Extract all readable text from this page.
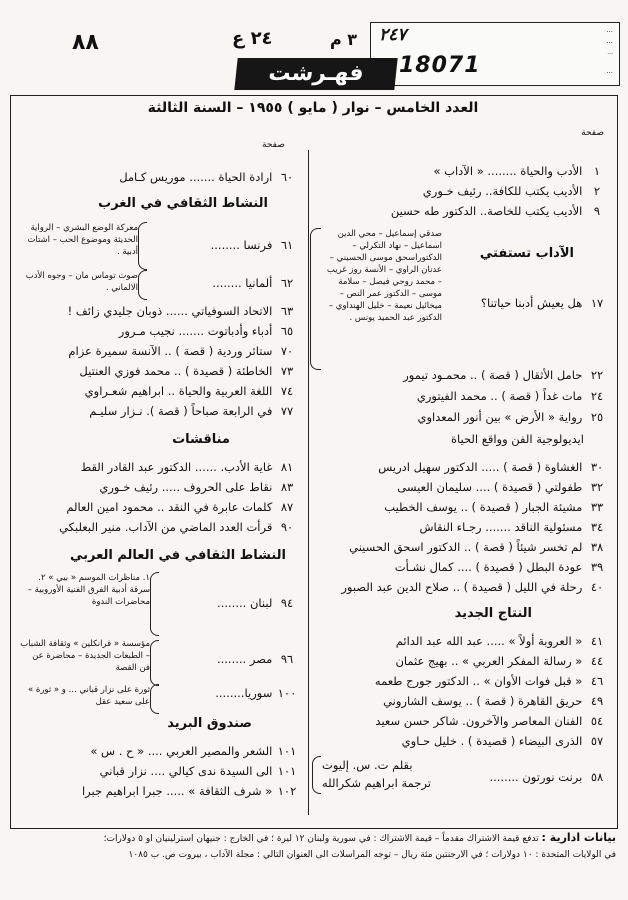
٨٨	٢٤ ع	٣ م	...
...
...
...
٢٤٧
18071
فهـرشت
العدد الخامس – نوار ( مايو ) ١٩٥٥ – السنة الثالثة
صفحة
١ الأدب والحياة ........ « الآداب »
٢ الأديب يكتب للكافة.. رئيف خـوري
٩ الأديب يكتب للخاصة.. الدكتور طه حسين
الآداب تستفتي
١٧ هل يعيش أدبنا حياتنا؟
صدقي إسماعيل – محي الدين اسماعيل – نهاد التكرلي – الدكتوراسحق موسى الحسيني – عدنان الراوي – الأنسة روز غريب – محمد روحي فيصل – سلامة موسى – الدكتور عمر النص – ميخائيل نعيمة – خليل الهنداوي – الدكتور عبد الحميد يونس .
٢٢ حامل الأثقال ( قصة ) .. محمـود تيمور
٢٤ مات غداً ( قصة ) .. محمد الفيتوري
٢٥ رواية « الأرض » بين أنور المعداوي
ايديولوجية الفن وواقع الحياة
٣٠ الغشاوة ( قصة ) ..... الدكتور سهيل ادريس
٣٢ طفولتي ( قصيدة ) .... سليمان العيسى
٣٣ مشيئة الجبار ( قصيدة ) .. يوسف الخطيب
٣٤ مسئولية الناقد ....... رجـاء النقاش
٣٨ لم تخسر شيئاً ( قصة ) .. الدكتور اسحق الحسيني
٣٩ عودة البطل ( قصيدة ) .... كمال نشـأت
٤٠ رحلة في الليل ( قصيدة ) .. صلاح الدين عبد الصبور
النتاج الجديد
٤١ « العروبة أولاً » ..... عبد الله عبد الدائم
٤٤ « رسالة المفكر العربي » .. بهيج عثمان
٤٦ « قبل فوات الأوان » .. الدكتور جورج طعمه
٤٩ حريق القاهرة ( قصة ) .. يوسف الشاروني
٥٤ الفنان المعاصر والآخرون. شاكر حسن سعيد
٥٧ الذرى البيضاء ( قصيدة ) . خليل حـاوي
٥٨ برنت نورتون ........
بقلم ت. س. إليوت
ترجمة ابراهيم شكرالله
صفحة
٦٠ ارادة الحياة ....... موريس كـامل
النشاط الثقافي في الغرب
٦١ فرنسا ........
معركة الوضع البشري – الرواية الحديثة وموضوع الحب – اشتات أدبية .
٦٢ ألمانيا ........
صوت توماس مان – وجوه الأدب الالماني .
٦٣ الاتحاد السوفياتي ...... ذوبان جليدي زائف !
٦٥ أدباء وأدباتوت ....... نجيب مـرور
٧٠ ستائر وردية ( قصة ) .. الآنسة سميرة عزام
٧٣ الخاطئة ( قصيدة ) .. محمد فوزي العنتيل
٧٤ اللغة العربية والحياة .. ابراهيم شعـراوي
٧٧ في الرابعة صباحاً ( قصة ). نـزار سليـم
مناقشات
٨١ غاية الأدب. ...... الدكتور عبد القادر القط
٨٣ نقاط على الحروف ..... رئيف خـوري
٨٧ كلمات عابرة في النقد .. محمود امين العالم
٩٠ قرأت العدد الماضي من الآداب. منير البعلبكي
النشاط الثقافي في العالم العربي
٩٤ لبنان ........
١. مناظرات الموسم « بيي » ٢. سرقة أدبية الفرق الفنية الأوروبية – محاضرات الندوة
٩٦ مصر ........
مؤسسة « فرانكلين » وثقافة الشباب – الطبعات الجديدة – محاضرة عن فن القصة
١٠٠ سوريا........
ثورة على نزار قباني ... و « ثورة » على سعيد عقل
صندوق البريد
١٠١ الشعر والمصير العربي .... « ح . س »
١٠١ الى السيدة ندى كيالي .... نزار قباني
١٠٢ « شرف الثقافة » ..... جبرا ابراهيم جبرا
بيانات ادارية : تدفع قيمة الاشتراك مقدماً – قيمة الاشتراك : في سورية ولبنان ١٢ ليرة ؛ في الخارج : جنيهان استرلينيان او ٥ دولارات؛
في الولايات المتحدة : ١٠ دولارات ؛ في الارجنتين مئة ريال – توجه المراسلات الى العنوان التالي : مجلة الآداب ، بيروت ص. ب ١٠٨٥
